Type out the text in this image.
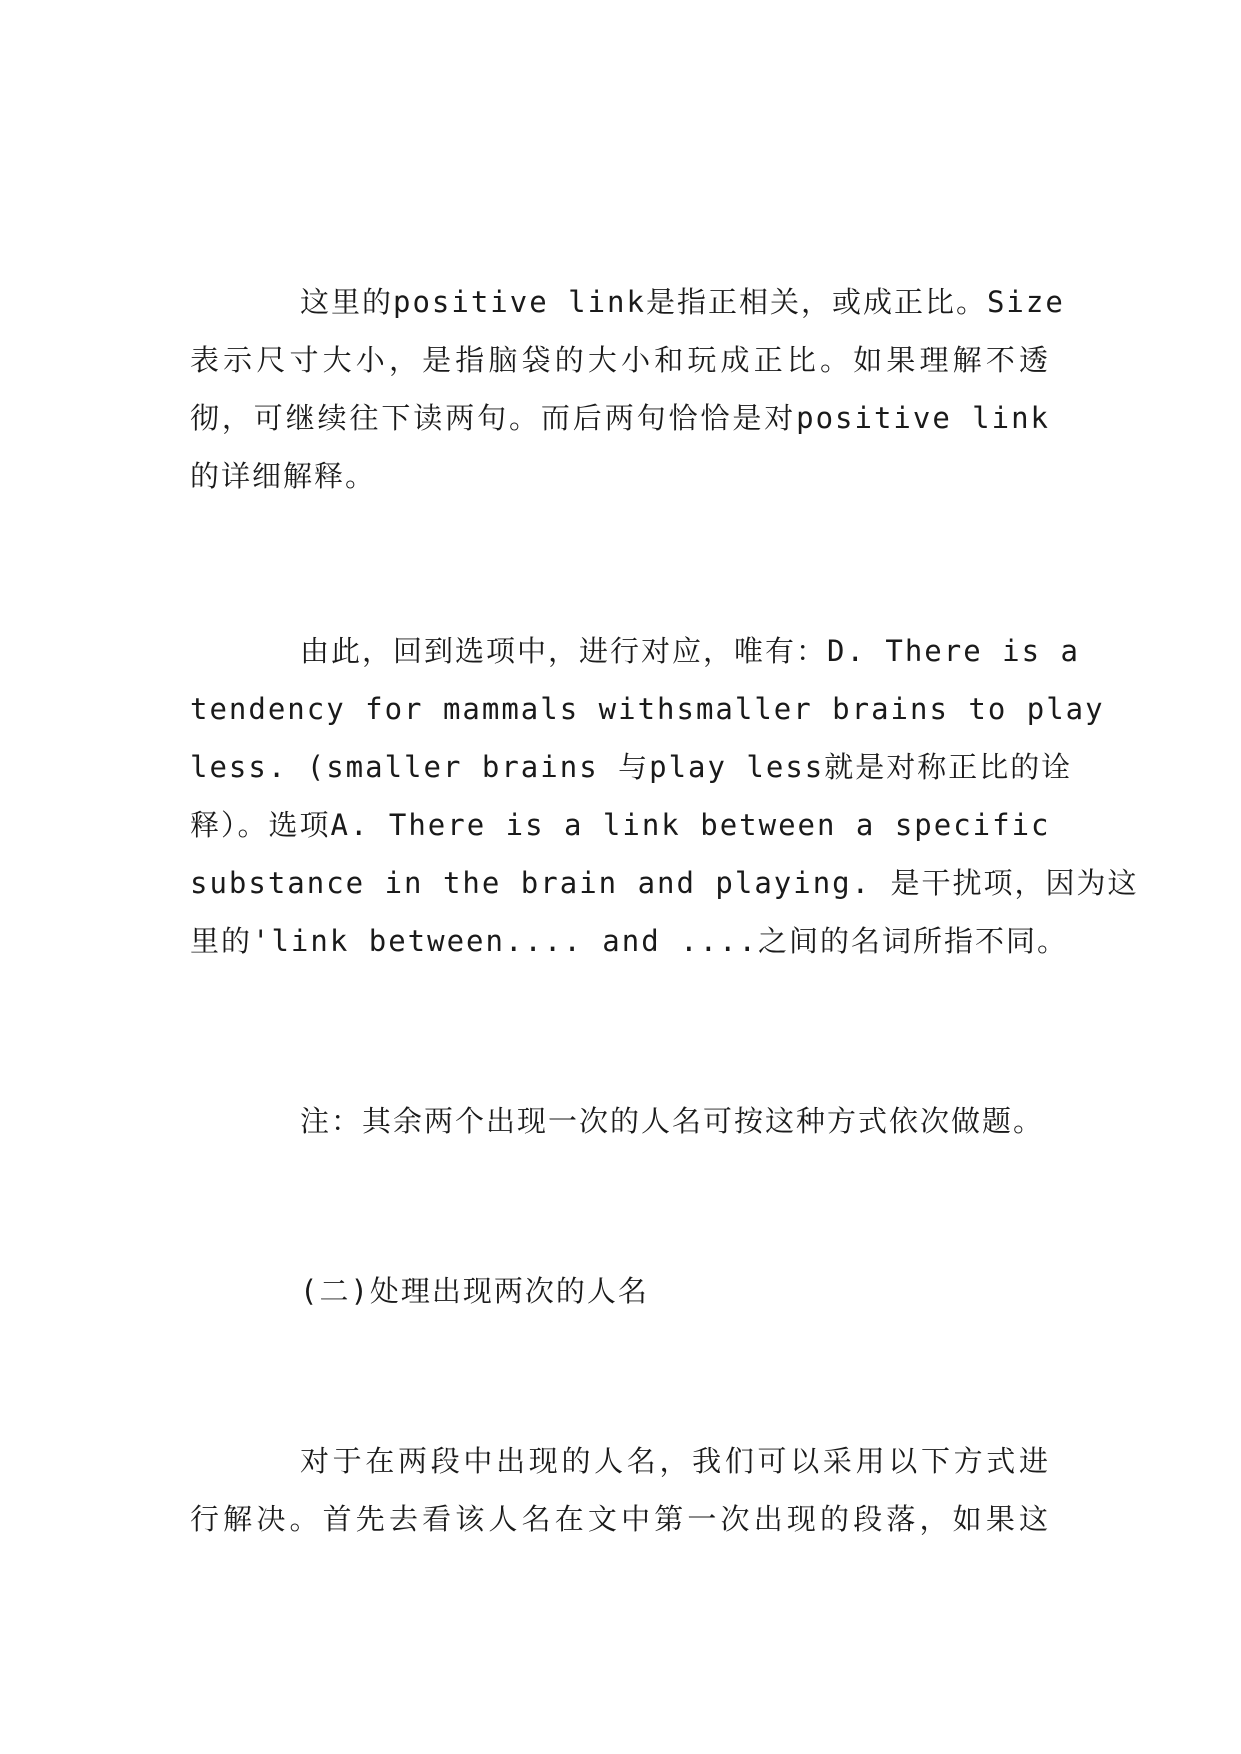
这里的positive link是指正相关，或成正比。Size
表示尺寸大小，是指脑袋的大小和玩成正比。如果理解不透
彻，可继续往下读两句。而后两句恰恰是对positive link
的详细解释。

由此，回到选项中，进行对应，唯有：D. There is a
tendency for mammals withsmaller brains to play
less. (smaller brains 与play less就是对称正比的诠
释）。选项A. There is a link between a specific
substance in the brain and playing. 是干扰项，因为这
里的'link between.... and ....之间的名词所指不同。

注：其余两个出现一次的人名可按这种方式依次做题。

(二)处理出现两次的人名

对于在两段中出现的人名，我们可以采用以下方式进
行解决。首先去看该人名在文中第一次出现的段落，如果这
